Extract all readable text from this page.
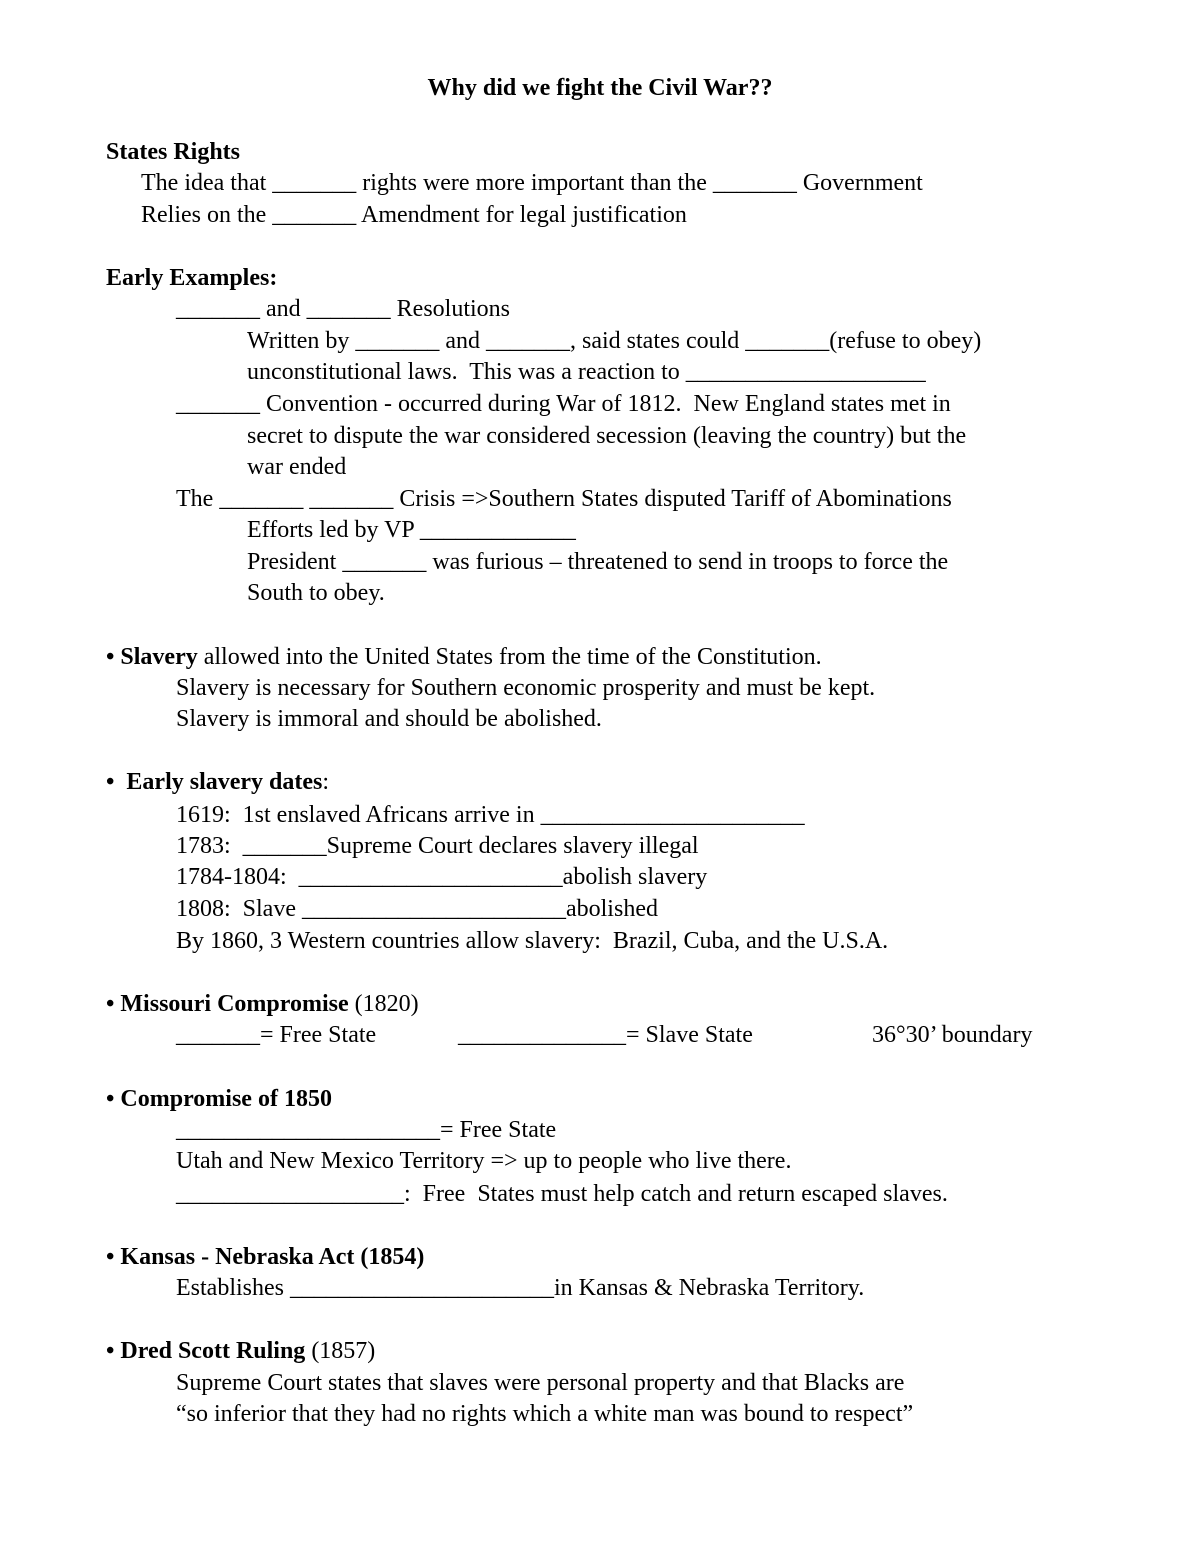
Why did we fight the Civil War??
States Rights
The idea that _______ rights were more important than the _______ Government
Relies on the _______ Amendment for legal justification
Early Examples:
_______ and _______ Resolutions
Written by _______ and _______, said states could _______(refuse to obey)
unconstitutional laws.  This was a reaction to ____________________
_______ Convention - occurred during War of 1812.  New England states met in
secret to dispute the war considered secession (leaving the country) but the
war ended
The _______ _______ Crisis =>Southern States disputed Tariff of Abominations
Efforts led by VP _____________
President _______ was furious – threatened to send in troops to force the
South to obey.
• Slavery allowed into the United States from the time of the Constitution.
Slavery is necessary for Southern economic prosperity and must be kept.
Slavery is immoral and should be abolished.
• Early slavery dates:
1619:  1st enslaved Africans arrive in ______________________
1783:  _______Supreme Court declares slavery illegal
1784-1804:  ______________________abolish slavery
1808:  Slave ______________________abolished
By 1860, 3 Western countries allow slavery:  Brazil, Cuba, and the U.S.A.
• Missouri Compromise (1820)
_______= Free State	______________= Slave State	36°30’ boundary
• Compromise of 1850
______________________= Free State
Utah and New Mexico Territory => up to people who live there.
___________________:  Free  States must help catch and return escaped slaves.
• Kansas - Nebraska Act (1854)
Establishes ______________________in Kansas & Nebraska Territory.
• Dred Scott Ruling (1857)
Supreme Court states that slaves were personal property and that Blacks are
“so inferior that they had no rights which a white man was bound to respect”
